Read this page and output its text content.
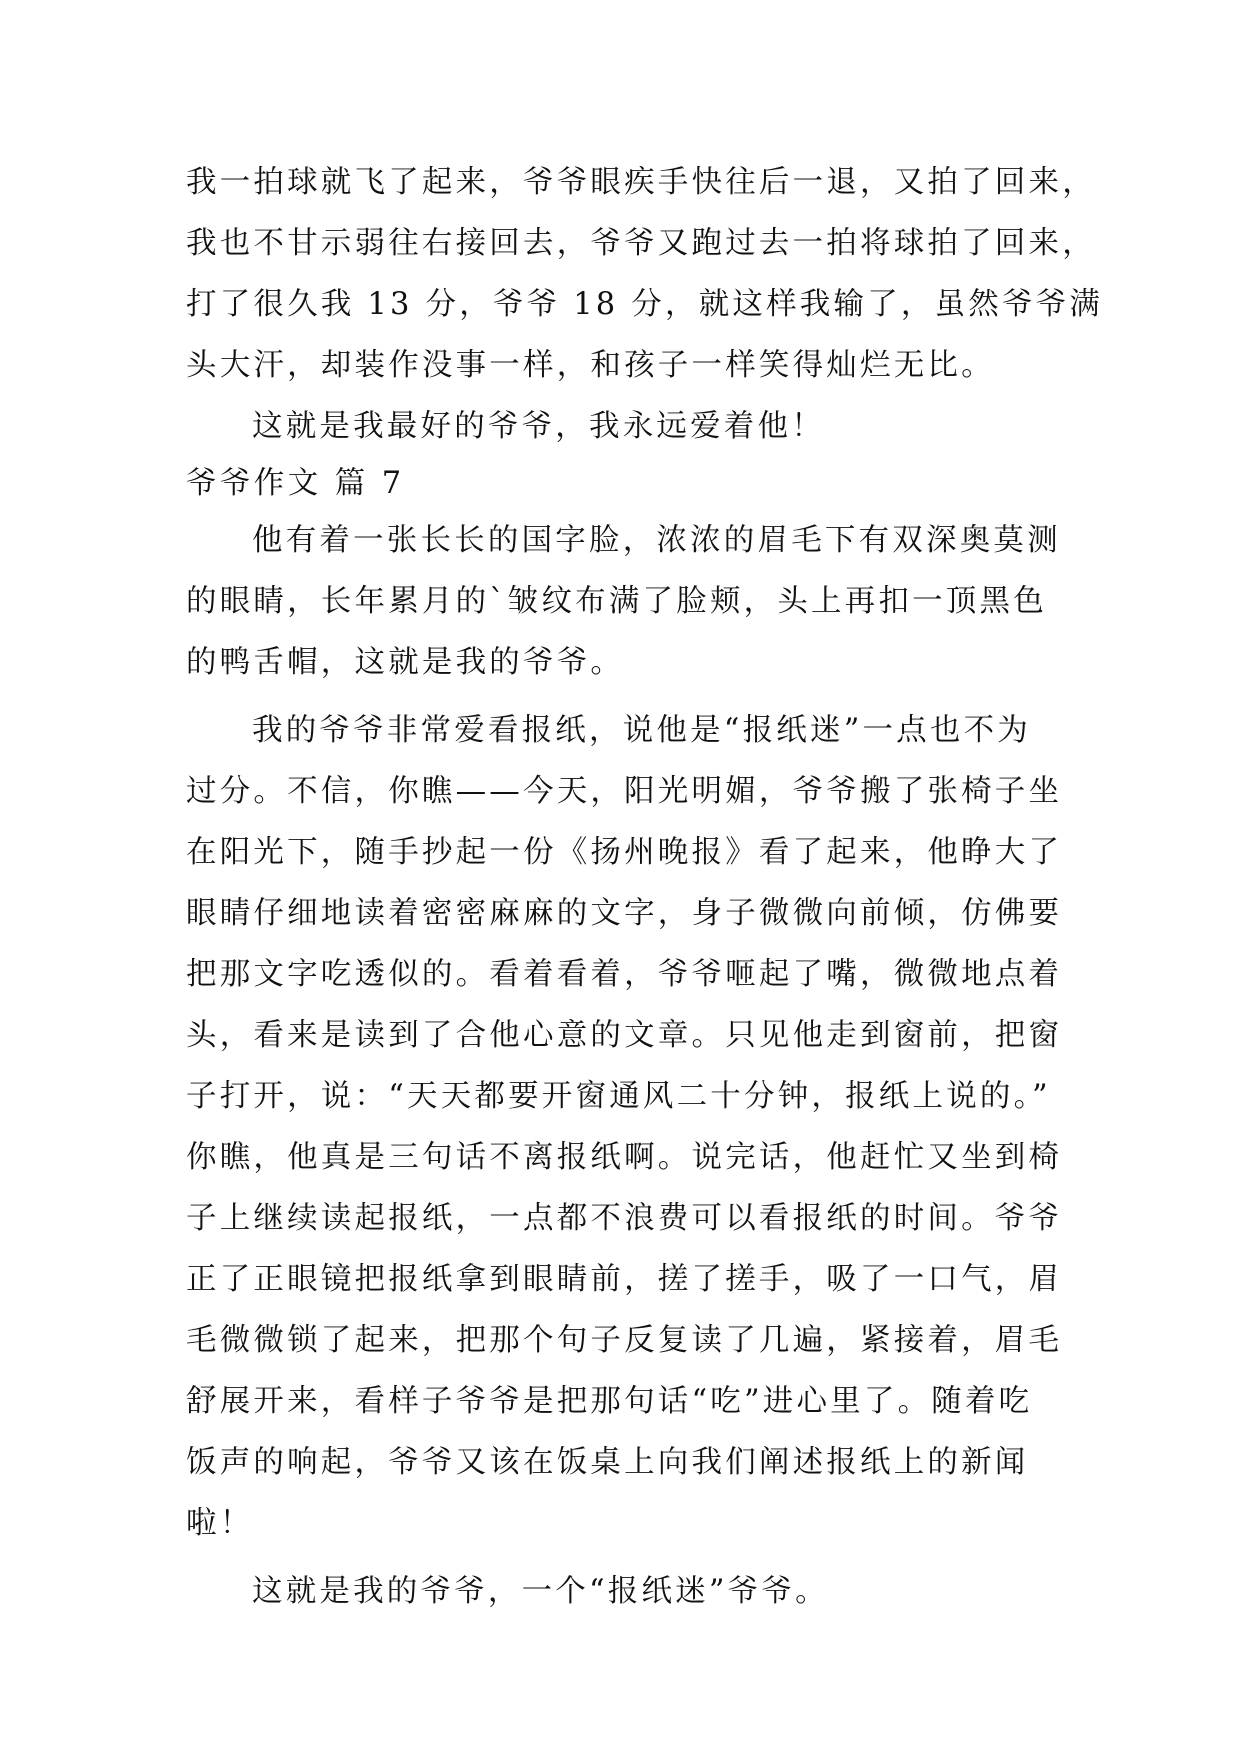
我一拍球就飞了起来，爷爷眼疾手快往后一退，又拍了回来，
我也不甘示弱往右接回去，爷爷又跑过去一拍将球拍了回来，
打了很久我 13 分，爷爷 18 分，就这样我输了，虽然爷爷满
头大汗，却装作没事一样，和孩子一样笑得灿烂无比。
这就是我最好的爷爷，我永远爱着他！
爷爷作文 篇 7
他有着一张长长的国字脸，浓浓的眉毛下有双深奥莫测
的眼睛，长年累月的`皱纹布满了脸颊，头上再扣一顶黑色
的鸭舌帽，这就是我的爷爷。
我的爷爷非常爱看报纸，说他是“报纸迷”一点也不为
过分。不信，你瞧——今天，阳光明媚，爷爷搬了张椅子坐
在阳光下，随手抄起一份《扬州晚报》看了起来，他睁大了
眼睛仔细地读着密密麻麻的文字，身子微微向前倾，仿佛要
把那文字吃透似的。看着看着，爷爷咂起了嘴，微微地点着
头，看来是读到了合他心意的文章。只见他走到窗前，把窗
子打开，说：“天天都要开窗通风二十分钟，报纸上说的。”
你瞧，他真是三句话不离报纸啊。说完话，他赶忙又坐到椅
子上继续读起报纸，一点都不浪费可以看报纸的时间。爷爷
正了正眼镜把报纸拿到眼睛前，搓了搓手，吸了一口气，眉
毛微微锁了起来，把那个句子反复读了几遍，紧接着，眉毛
舒展开来，看样子爷爷是把那句话“吃”进心里了。随着吃
饭声的响起，爷爷又该在饭桌上向我们阐述报纸上的新闻
啦！
这就是我的爷爷，一个“报纸迷”爷爷。
